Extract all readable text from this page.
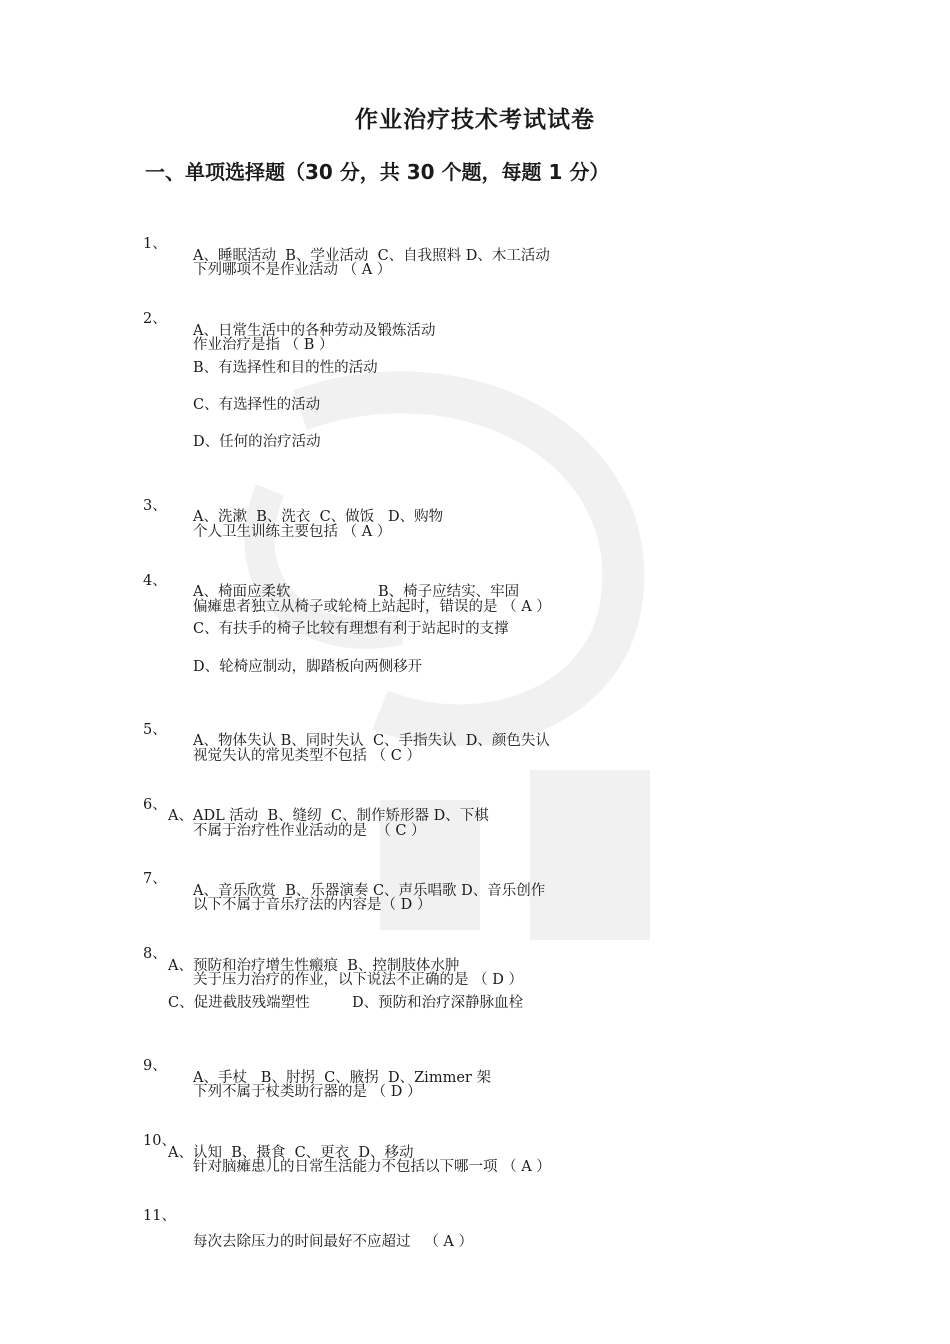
作业治疗技术考试试卷
一、单项选择题（30 分，共 30 个题，每题 1 分）

1、

下列哪项不是作业活动 （ A ）

A、睡眠活动  B、学业活动  C、自我照料 D、木工活动

2、

作业治疗是指 （ B ）

A、日常生活中的各种劳动及锻炼活动
B、有选择性和目的性的活动
C、有选择性的活动
D、任何的治疗活动

3、

个人卫生训练主要包括 （ A ）

A、洗漱  B、洗衣  C、做饭   D、购物

4、

偏瘫患者独立从椅子或轮椅上站起时，错误的是 （ A ）

A、椅面应柔软	B、椅子应结实、牢固
C、有扶手的椅子比较有理想有利于站起时的支撑
D、轮椅应制动，脚踏板向两侧移开

5、

视觉失认的常见类型不包括 （ C ）

A、物体失认 B、同时失认  C、手指失认  D、颜色失认

6、

不属于治疗性作业活动的是  （ C ）

A、ADL 活动  B、缝纫  C、制作矫形器 D、下棋

7、

以下不属于音乐疗法的内容是（ D ）

A、音乐欣赏  B、乐器演奏 C、声乐唱歌 D、音乐创作

8、

关于压力治疗的作业，以下说法不正确的是 （ D ）

A、预防和治疗增生性瘢痕  B、控制肢体水肿
C、促进截肢残端塑性	D、预防和治疗深静脉血栓

9、

下列不属于杖类助行器的是 （ D ）

A、手杖   B、肘拐  C、腋拐  D、Zimmer 架

10、

针对脑瘫患儿的日常生活能力不包括以下哪一项 （ A ）

A、认知  B、摄食  C、更衣  D、移动

11、

每次去除压力的时间最好不应超过   （ A ）
